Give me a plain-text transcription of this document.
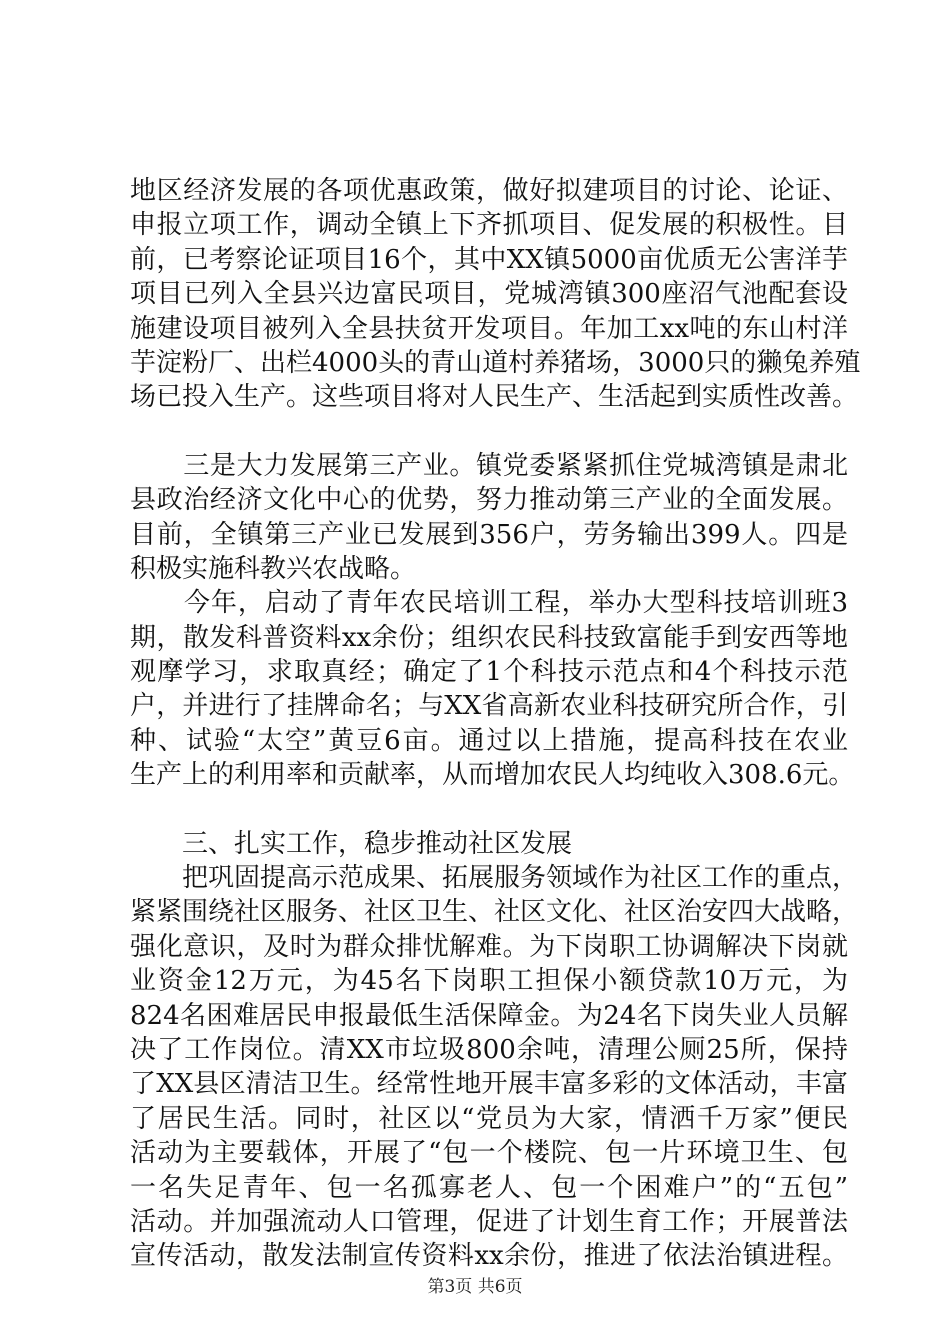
地区经济发展的各项优惠政策，做好拟建项目的讨论、论证、
申报立项工作，调动全镇上下齐抓项目、促发展的积极性。目
前，已考察论证项目16个，其中XX镇5000亩优质无公害洋芋
项目已列入全县兴边富民项目，党城湾镇300座沼气池配套设
施建设项目被列入全县扶贫开发项目。年加工xx吨的东山村洋
芋淀粉厂、出栏4000头的青山道村养猪场，3000只的獭兔养殖
场已投入生产。这些项目将对人民生产、生活起到实质性改善。
　　三是大力发展第三产业。镇党委紧紧抓住党城湾镇是肃北
县政治经济文化中心的优势，努力推动第三产业的全面发展。
目前，全镇第三产业已发展到356户，劳务输出399人。四是
积极实施科教兴农战略。
　　今年，启动了青年农民培训工程，举办大型科技培训班3
期，散发科普资料xx余份；组织农民科技致富能手到安西等地
观摩学习，求取真经；确定了1个科技示范点和4个科技示范
户，并进行了挂牌命名；与XX省高新农业科技研究所合作，引
种、试验“太空”黄豆6亩。通过以上措施，提高科技在农业
生产上的利用率和贡献率，从而增加农民人均纯收入308.6元。
　　三、扎实工作，稳步推动社区发展
　　把巩固提高示范成果、拓展服务领域作为社区工作的重点，
紧紧围绕社区服务、社区卫生、社区文化、社区治安四大战略，
强化意识，及时为群众排忧解难。为下岗职工协调解决下岗就
业资金12万元，为45名下岗职工担保小额贷款10万元，为
824名困难居民申报最低生活保障金。为24名下岗失业人员解
决了工作岗位。清XX市垃圾800余吨，清理公厕25所，保持
了XX县区清洁卫生。经常性地开展丰富多彩的文体活动，丰富
了居民生活。同时，社区以“党员为大家，情洒千万家”便民
活动为主要载体，开展了“包一个楼院、包一片环境卫生、包
一名失足青年、包一名孤寡老人、包一个困难户”的“五包”
活动。并加强流动人口管理，促进了计划生育工作；开展普法
宣传活动，散发法制宣传资料xx余份，推进了依法治镇进程。
第3页 共6页
